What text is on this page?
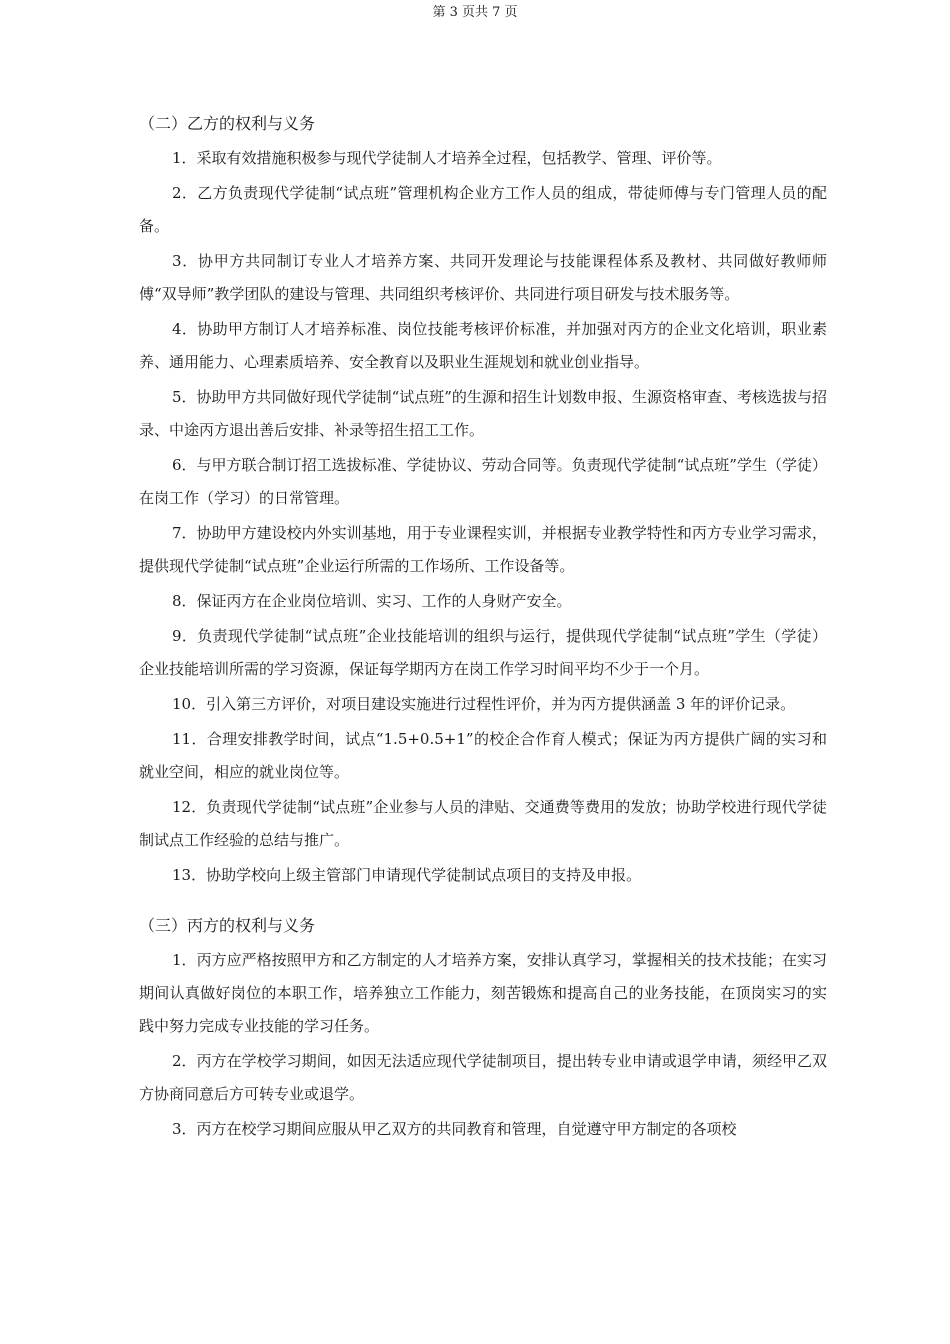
第 3 页共 7 页
（二）乙方的权利与义务

1．采取有效措施积极参与现代学徒制人才培养全过程，包括教学、管理、评价等。

2．乙方负责现代学徒制“试点班”管理机构企业方工作人员的组成，带徒师傅与专门管理人员的配备。

3．协甲方共同制订专业人才培养方案、共同开发理论与技能课程体系及教材、共同做好教师师傅“双导师”教学团队的建设与管理、共同组织考核评价、共同进行项目研发与技术服务等。

4．协助甲方制订人才培养标准、岗位技能考核评价标准，并加强对丙方的企业文化培训，职业素养、通用能力、心理素质培养、安全教育以及职业生涯规划和就业创业指导。

5．协助甲方共同做好现代学徒制“试点班”的生源和招生计划数申报、生源资格审查、考核选拔与招录、中途丙方退出善后安排、补录等招生招工工作。

6．与甲方联合制订招工选拔标准、学徒协议、劳动合同等。负责现代学徒制“试点班”学生（学徒）在岗工作（学习）的日常管理。

7．协助甲方建设校内外实训基地，用于专业课程实训，并根据专业教学特性和丙方专业学习需求，提供现代学徒制“试点班”企业运行所需的工作场所、工作设备等。

8．保证丙方在企业岗位培训、实习、工作的人身财产安全。

9．负责现代学徒制“试点班”企业技能培训的组织与运行，提供现代学徒制“试点班”学生（学徒）企业技能培训所需的学习资源，保证每学期丙方在岗工作学习时间平均不少于一个月。

10．引入第三方评价，对项目建设实施进行过程性评价，并为丙方提供涵盖 3 年的评价记录。

11．合理安排教学时间，试点“1.5+0.5+1”的校企合作育人模式；保证为丙方提供广阔的实习和就业空间，相应的就业岗位等。

12．负责现代学徒制“试点班”企业参与人员的津贴、交通费等费用的发放；协助学校进行现代学徒制试点工作经验的总结与推广。

13．协助学校向上级主管部门申请现代学徒制试点项目的支持及申报。

（三）丙方的权利与义务

1．丙方应严格按照甲方和乙方制定的人才培养方案，安排认真学习，掌握相关的技术技能；在实习期间认真做好岗位的本职工作，培养独立工作能力，刻苦锻炼和提高自己的业务技能，在顶岗实习的实践中努力完成专业技能的学习任务。

2．丙方在学校学习期间，如因无法适应现代学徒制项目，提出转专业申请或退学申请，须经甲乙双方协商同意后方可转专业或退学。

3．丙方在校学习期间应服从甲乙双方的共同教育和管理，自觉遵守甲方制定的各项校
